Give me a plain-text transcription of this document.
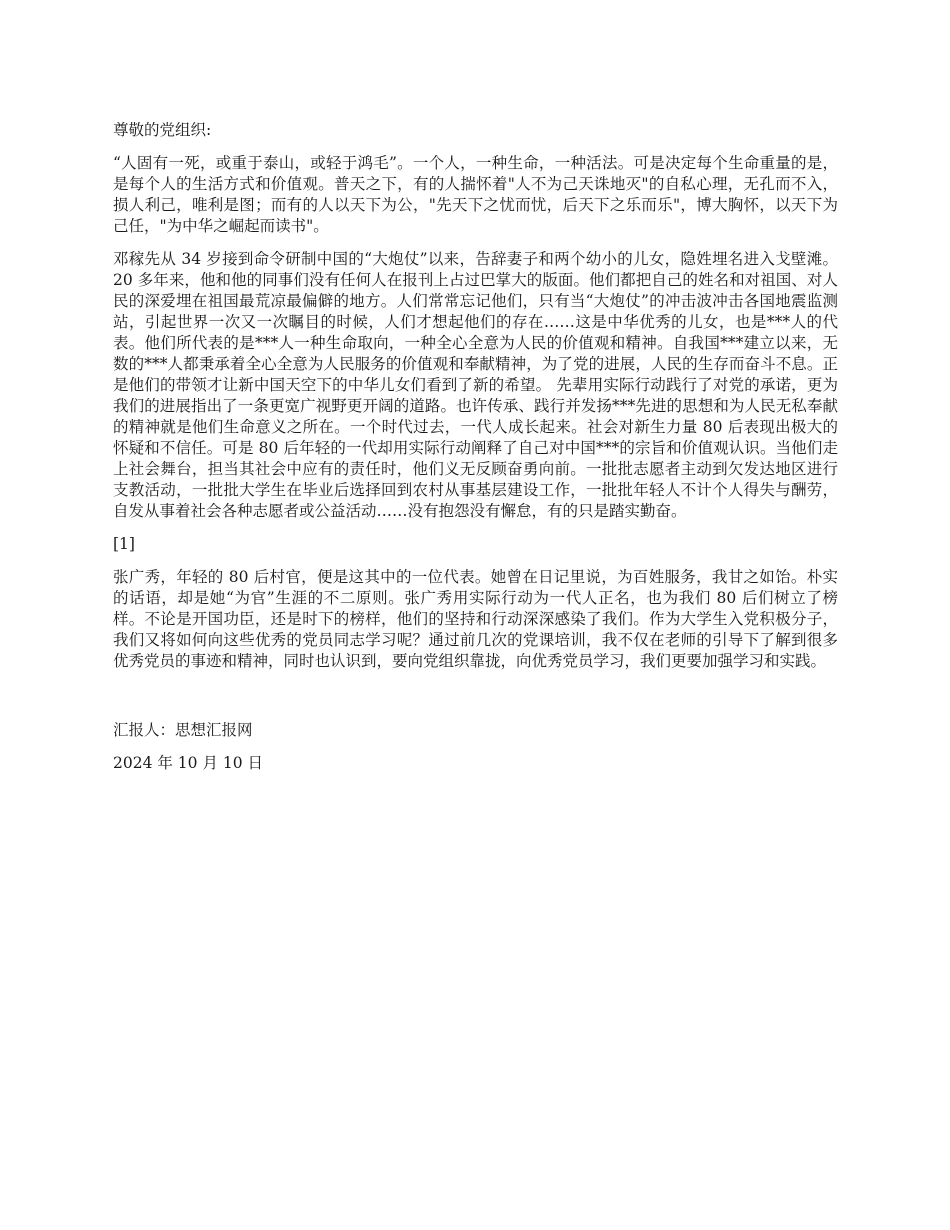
尊敬的党组织:

“人固有一死，或重于泰山，或轻于鸿毛”。一个人，一种生命，一种活法。可是决定每个生命重量的是，是每个人的生活方式和价值观。普天之下，有的人揣怀着"人不为己天诛地灭"的自私心理，无孔而不入，损人利己，唯利是图；而有的人以天下为公，"先天下之忧而忧，后天下之乐而乐"，博大胸怀，以天下为己任，"为中华之崛起而读书"。

邓稼先从 34 岁接到命令研制中国的“大炮仗”以来，告辞妻子和两个幼小的儿女，隐姓埋名进入戈壁滩。20 多年来，他和他的同事们没有任何人在报刊上占过巴掌大的版面。他们都把自己的姓名和对祖国、对人民的深爱埋在祖国最荒凉最偏僻的地方。人们常常忘记他们，只有当“大炮仗”的冲击波冲击各国地震监测站，引起世界一次又一次瞩目的时候，人们才想起他们的存在……这是中华优秀的儿女，也是***人的代表。他们所代表的是***人一种生命取向，一种全心全意为人民的价值观和精神。自我国***建立以来，无数的***人都秉承着全心全意为人民服务的价值观和奉献精神，为了党的进展，人民的生存而奋斗不息。正是他们的带领才让新中国天空下的中华儿女们看到了新的希望。 先辈用实际行动践行了对党的承诺，更为我们的进展指出了一条更宽广视野更开阔的道路。也许传承、践行并发扬***先进的思想和为人民无私奉献的精神就是他们生命意义之所在。一个时代过去，一代人成长起来。社会对新生力量 80 后表现出极大的怀疑和不信任。可是 80 后年轻的一代却用实际行动阐释了自己对中国***的宗旨和价值观认识。当他们走上社会舞台，担当其社会中应有的责任时，他们义无反顾奋勇向前。一批批志愿者主动到欠发达地区进行支教活动，一批批大学生在毕业后选择回到农村从事基层建设工作，一批批年轻人不计个人得失与酬劳，自发从事着社会各种志愿者或公益活动……没有抱怨没有懈怠，有的只是踏实勤奋。

[1]

张广秀，年轻的 80 后村官，便是这其中的一位代表。她曾在日记里说，为百姓服务，我甘之如饴。朴实的话语，却是她“为官”生涯的不二原则。张广秀用实际行动为一代人正名，也为我们 80 后们树立了榜样。不论是开国功臣，还是时下的榜样，他们的坚持和行动深深感染了我们。作为大学生入党积极分子，我们又将如何向这些优秀的党员同志学习呢？通过前几次的党课培训，我不仅在老师的引导下了解到很多优秀党员的事迹和精神，同时也认识到，要向党组织靠拢，向优秀党员学习，我们更要加强学习和实践。

汇报人：思想汇报网

2024 年 10 月 10 日
